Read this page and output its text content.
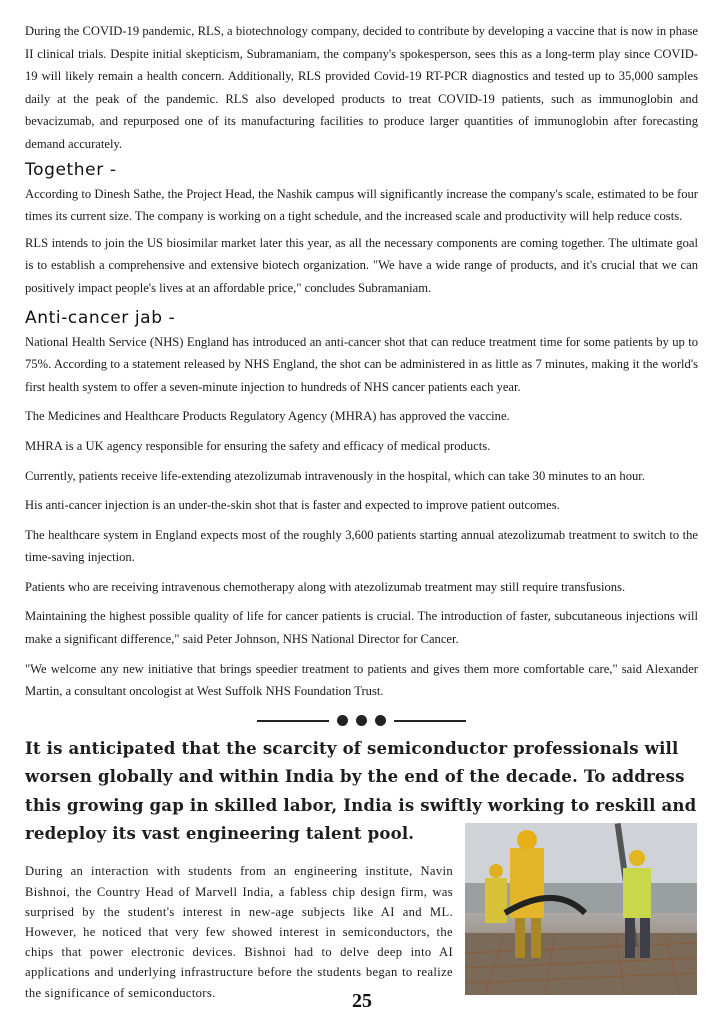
During the COVID-19 pandemic, RLS, a biotechnology company, decided to contribute by developing a vaccine that is now in phase II clinical trials. Despite initial skepticism, Subramaniam, the company's spokesperson, sees this as a long-term play since COVID-19 will likely remain a health concern. Additionally, RLS provided Covid-19 RT-PCR diagnostics and tested up to 35,000 samples daily at the peak of the pandemic. RLS also developed products to treat COVID-19 patients, such as immunoglobin and bevacizumab, and repurposed one of its manufacturing facilities to produce larger quantities of immunoglobin after forecasting demand accurately.

Together -

According to Dinesh Sathe, the Project Head, the Nashik campus will significantly increase the company's scale, estimated to be four times its current size. The company is working on a tight schedule, and the increased scale and productivity will help reduce costs.

RLS intends to join the US biosimilar market later this year, as all the necessary components are coming together. The ultimate goal is to establish a comprehensive and extensive biotech organization. "We have a wide range of products, and it's crucial that we can positively impact people's lives at an affordable price," concludes Subramaniam.

Anti-cancer jab -

National Health Service (NHS) England has introduced an anti-cancer shot that can reduce treatment time for some patients by up to 75%. According to a statement released by NHS England, the shot can be administered in as little as 7 minutes, making it the world's first health system to offer a seven-minute injection to hundreds of NHS cancer patients each year.

The Medicines and Healthcare Products Regulatory Agency (MHRA) has approved the vaccine.

MHRA is a UK agency responsible for ensuring the safety and efficacy of medical products.

Currently, patients receive life-extending atezolizumab intravenously in the hospital, which can take 30 minutes to an hour.

His anti-cancer injection is an under-the-skin shot that is faster and expected to improve patient outcomes.

The healthcare system in England expects most of the roughly 3,600 patients starting annual atezolizumab treatment to switch to the time-saving injection.

Patients who are receiving intravenous chemotherapy along with atezolizumab treatment may still require transfusions.

Maintaining the highest possible quality of life for cancer patients is crucial. The introduction of faster, subcutaneous injections will make a significant difference," said Peter Johnson, NHS National Director for Cancer.

"We welcome any new initiative that brings speedier treatment to patients and gives them more comfortable care," said Alexander Martin, a consultant oncologist at West Suffolk NHS Foundation Trust.

It is anticipated that the scarcity of semiconductor professionals will worsen globally and within India by the end of the decade. To address this growing gap in skilled labor, India is swiftly working to reskill and redeploy its vast engineering talent pool.

During an interaction with students from an engineering institute, Navin Bishnoi, the Country Head of Marvell India, a fabless chip design firm, was surprised by the student's interest in new-age subjects like AI and ML. However, he noticed that very few showed interest in semiconductors, the chips that power electronic devices. Bishnoi had to delve deep into AI applications and underlying infrastructure before the students began to realize the significance of semiconductors.	25
